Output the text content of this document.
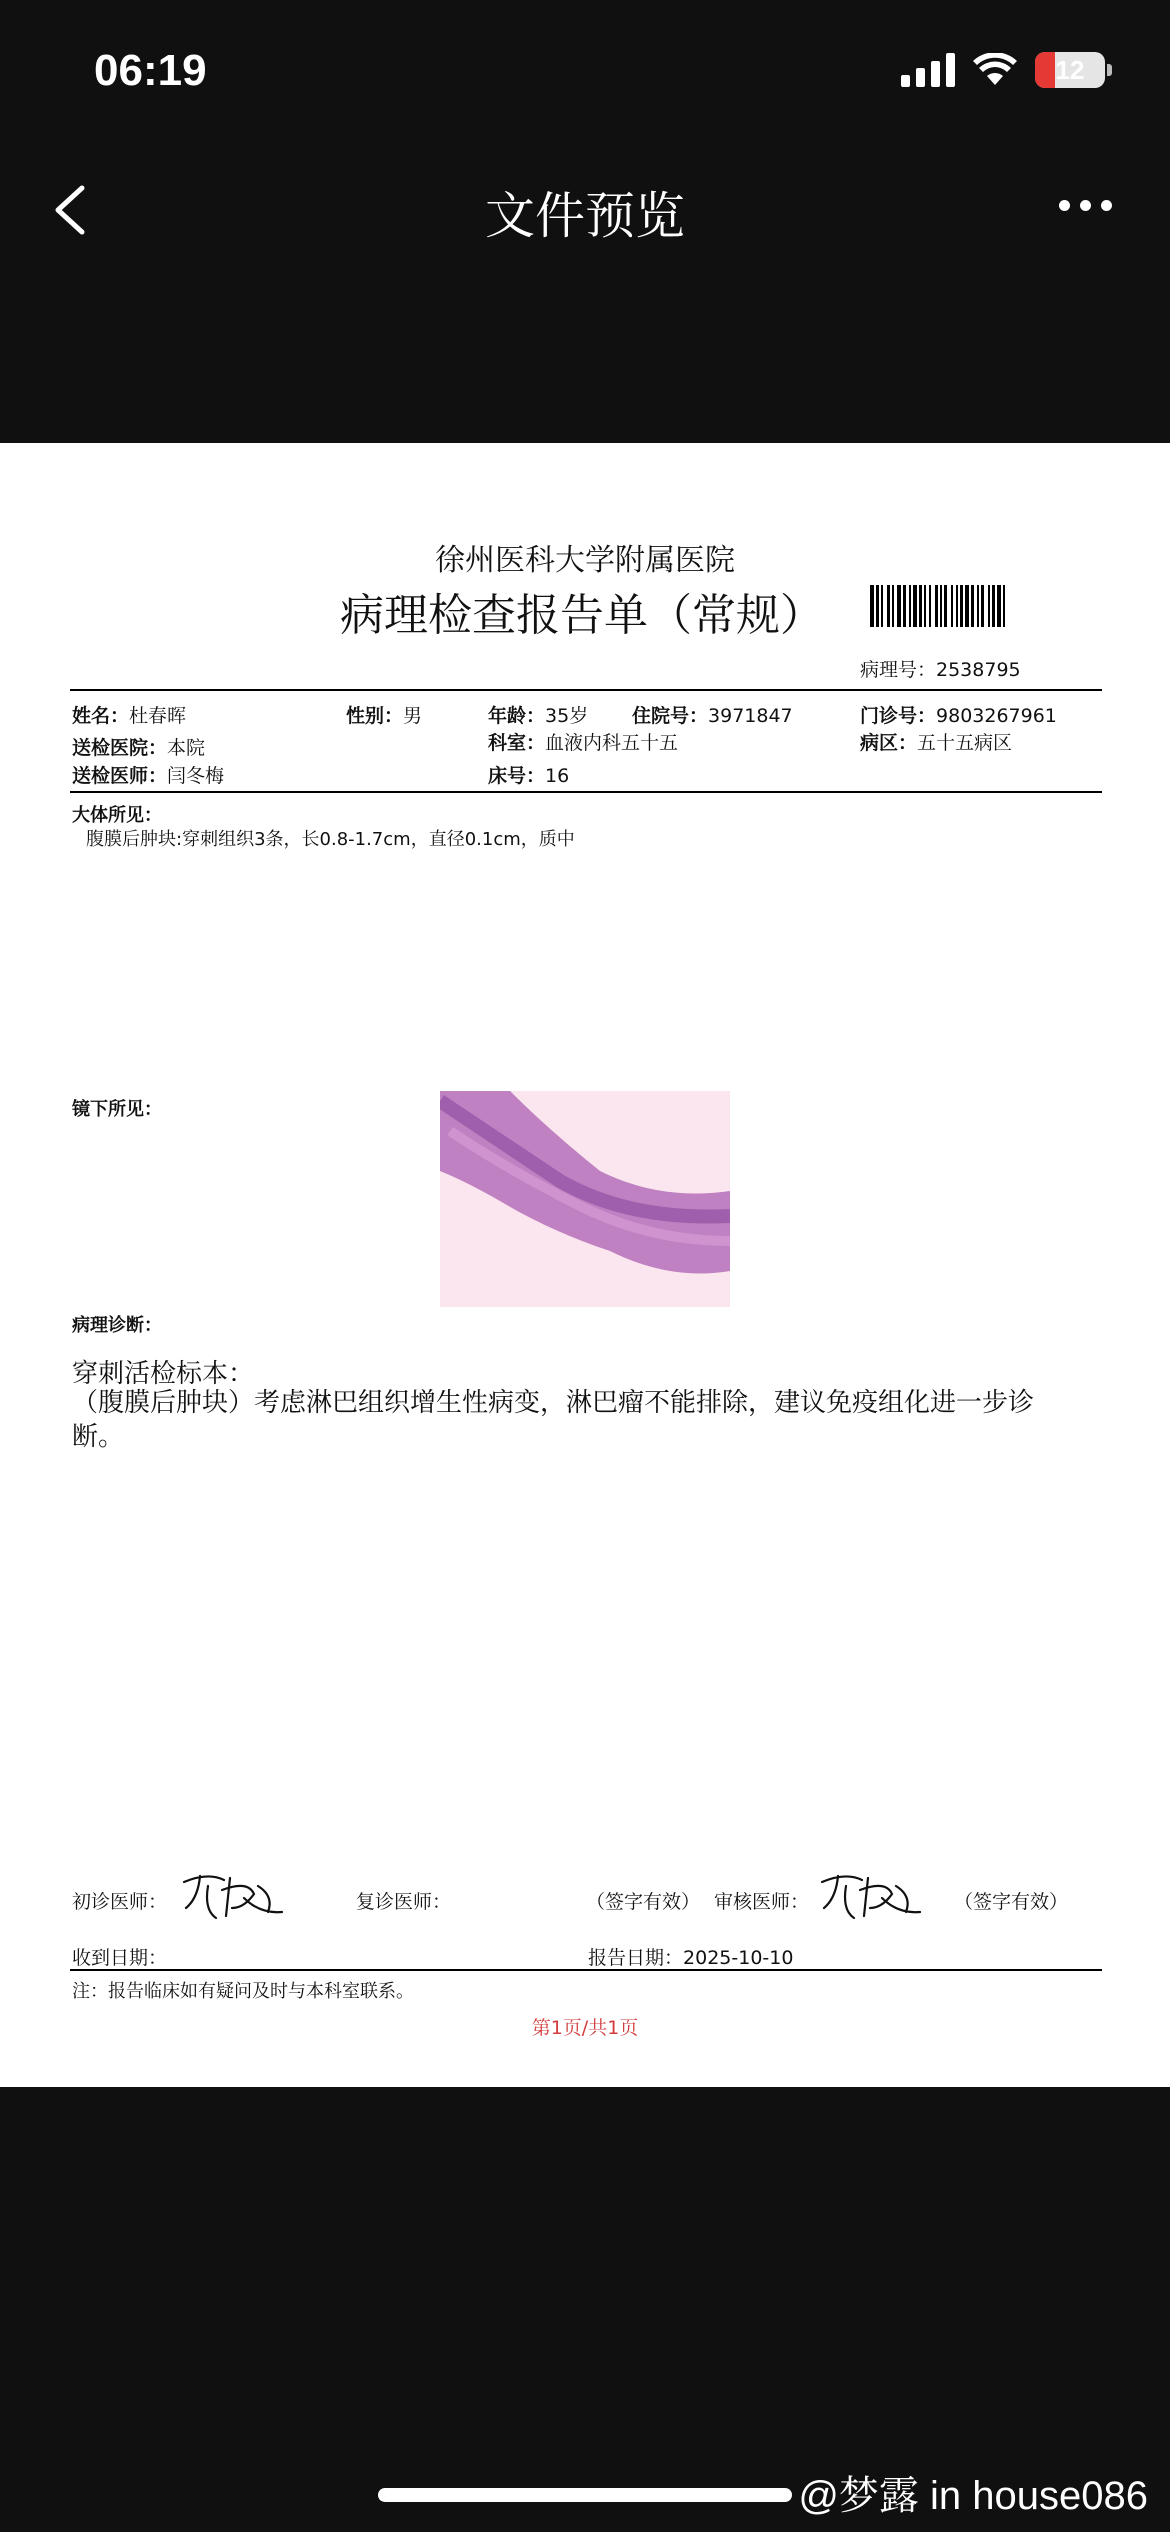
06:19	12
文件预览
徐州医科大学附属医院
病理检查报告单（常规）
病理号：2538795
姓名：杜春晖	性别：男	年龄：35岁 住院号：3971847	门诊号：9803267961
送检医院：本院	科室：血液内科五十五	病区：五十五病区
送检医师：闫冬梅	床号：16
大体所见：
腹膜后肿块:穿刺组织3条，长0.8-1.7cm，直径0.1cm，质中
镜下所见：
病理诊断：
穿刺活检标本：
（腹膜后肿块）考虑淋巴组织增生性病变，淋巴瘤不能排除，建议免疫组化进一步诊断。
初诊医师：	复诊医师：	（签字有效） 审核医师：	（签字有效）
收到日期：	报告日期：2025-10-10
注：报告临床如有疑问及时与本科室联系。
第1页/共1页
@梦露 in house086
